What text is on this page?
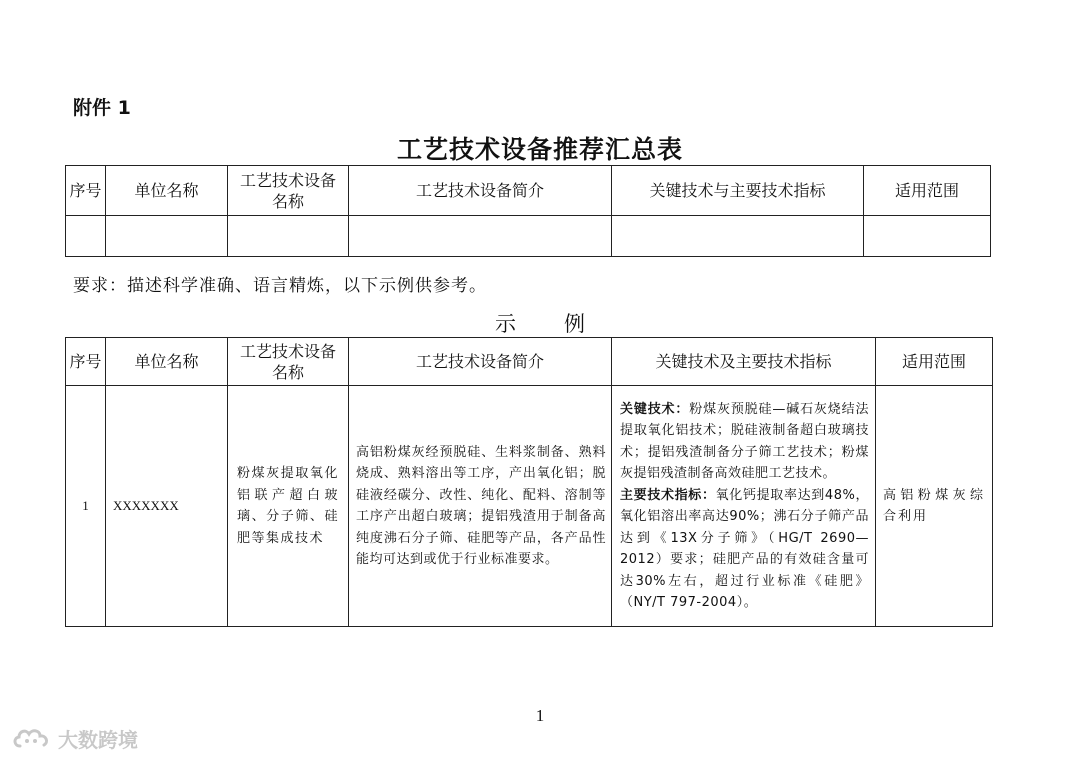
附件 1
工艺技术设备推荐汇总表
序号	单位名称	工艺技术设备名称	工艺技术设备简介	关键技术与主要技术指标	适用范围

要求：描述科学准确、语言精炼，以下示例供参考。
示 例
序号	单位名称	工艺技术设备名称	工艺技术设备简介	关键技术及主要技术指标	适用范围
1	XXXXXXX	粉煤灰提取氧化铝联产超白玻璃、分子筛、硅肥等集成技术	高铝粉煤灰经预脱硅、生料浆制备、熟料烧成、熟料溶出等工序，产出氧化铝；脱硅液经碳分、改性、纯化、配料、溶制等工序产出超白玻璃；提铝残渣用于制备高纯度沸石分子筛、硅肥等产品，各产品性能均可达到或优于行业标准要求。	关键技术：粉煤灰预脱硅—碱石灰烧结法提取氧化铝技术；脱硅液制备超白玻璃技术；提铝残渣制备分子筛工艺技术；粉煤灰提铝残渣制备高效硅肥工艺技术。
主要技术指标：氧化钙提取率达到48%，氧化铝溶出率高达90%；沸石分子筛产品达到《13X分子筛》（HG/T 2690—2012）要求；硅肥产品的有效硅含量可达30%左右，超过行业标准《硅肥》（NY/T 797-2004）。	高铝粉煤灰综合利用
1
大数跨境
